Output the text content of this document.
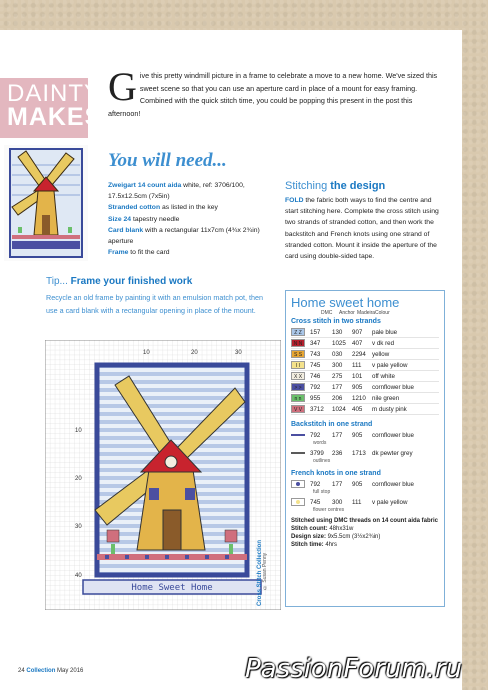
DAINTY
MAKES
G ive this pretty windmill picture in a frame to celebrate a move to a new home. We've sized this sweet scene so that you can use an aperture card in place of a mount for easy framing. Combined with the quick stitch time, you could be popping this present in the post this afternoon!
You will need...
Zweigart 14 count aida white, ref: 3706/100, 17.5x12.5cm (7x5in)
Stranded cotton as listed in the key
Size 24 tapestry needle
Card blank with a rectangular 11x7cm (4¾x 2¾in) aperture
Frame to fit the card
Stitching the design
FOLD the fabric both ways to find the centre and start stitching here. Complete the cross stitch using two strands of stranded cotton, and then work the backstitch and French knots using one strand of stranded cotton. Mount it inside the aperture of the card using double-sided tape.
Tip... Frame your finished work
Recycle an old frame by painting it with an emulsion match pot, then use a card blank with a rectangular opening in place of the mount.
Home Sweet Home
10	20	30
10
20
30
40	Cross Stitch Collection © Susan Penny
Home sweet home
DMC Anchor MadeiraColour
Cross stitch in two strands
Z Z	157	130	907	pale blue
N N	347	1025	407	v dk red
S S	743	030	2294	yellow
I I	745	300	111	v pale yellow
X X	746	275	101	off white
> >	792	177	905	cornflower blue
n n	955	206	1210	nile green
V V	3712	1024	405	m dusty pink
Backstitch in one strand
792	177	905	cornflower blue
words
3799	236	1713	dk pewter grey
outlines
French knots in one strand
792	177	905	cornflower blue
full stop
745	300	111	v pale yellow
flower centres
Stitched using DMC threads on 14 count aida fabric
Stitch count: 48hx31w
Design size: 9x5.5cm (3½x2¾in)
Stitch time: 4hrs
24 Collection May 2016	PassionForum.ru
